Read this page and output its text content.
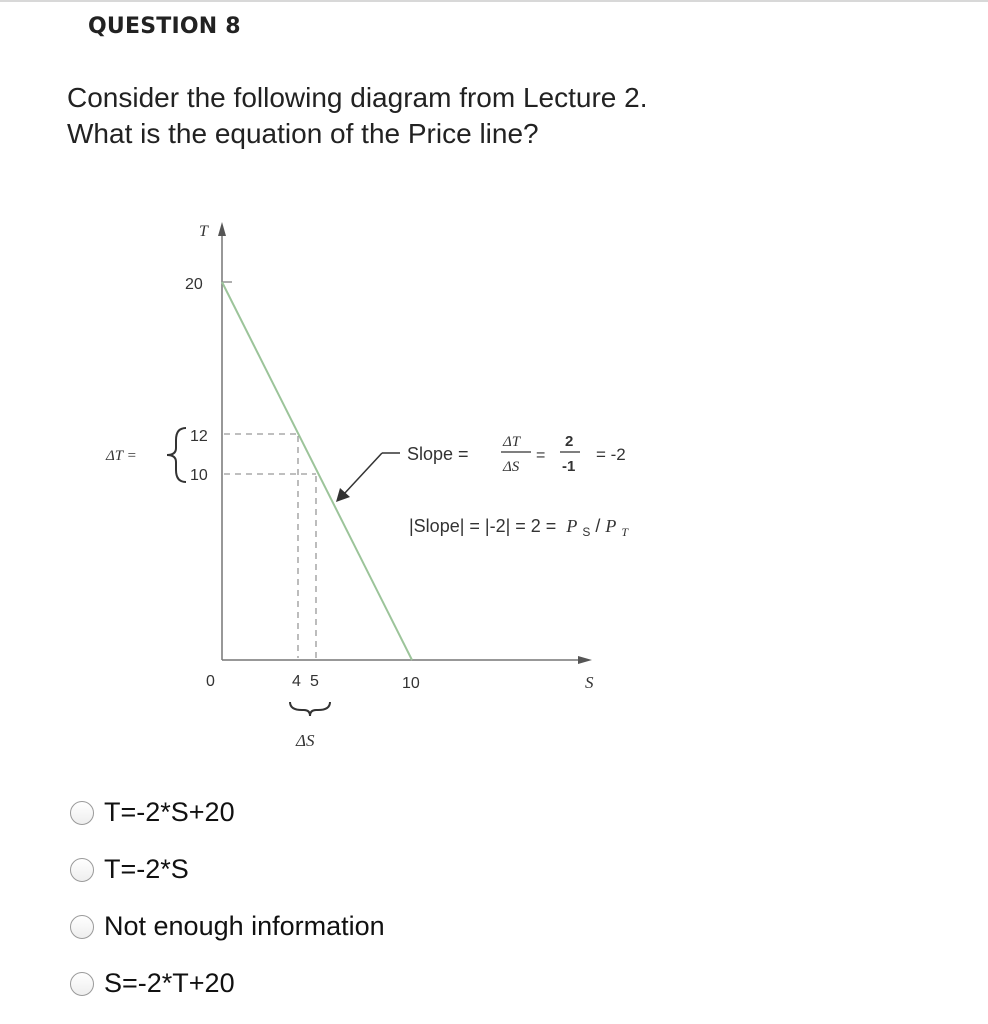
QUESTION 8
Consider the following diagram from Lecture 2.
What is the equation of the Price line?
T
20
12
10
ΔT =
0	4 5	10	S
ΔS
Slope =
ΔT
ΔS
=
2
-1
= -2
|Slope| = |-2| = 2 = P $_S$ / P $_T$
T=-2*S+20
T=-2*S
Not enough information
S=-2*T+20
